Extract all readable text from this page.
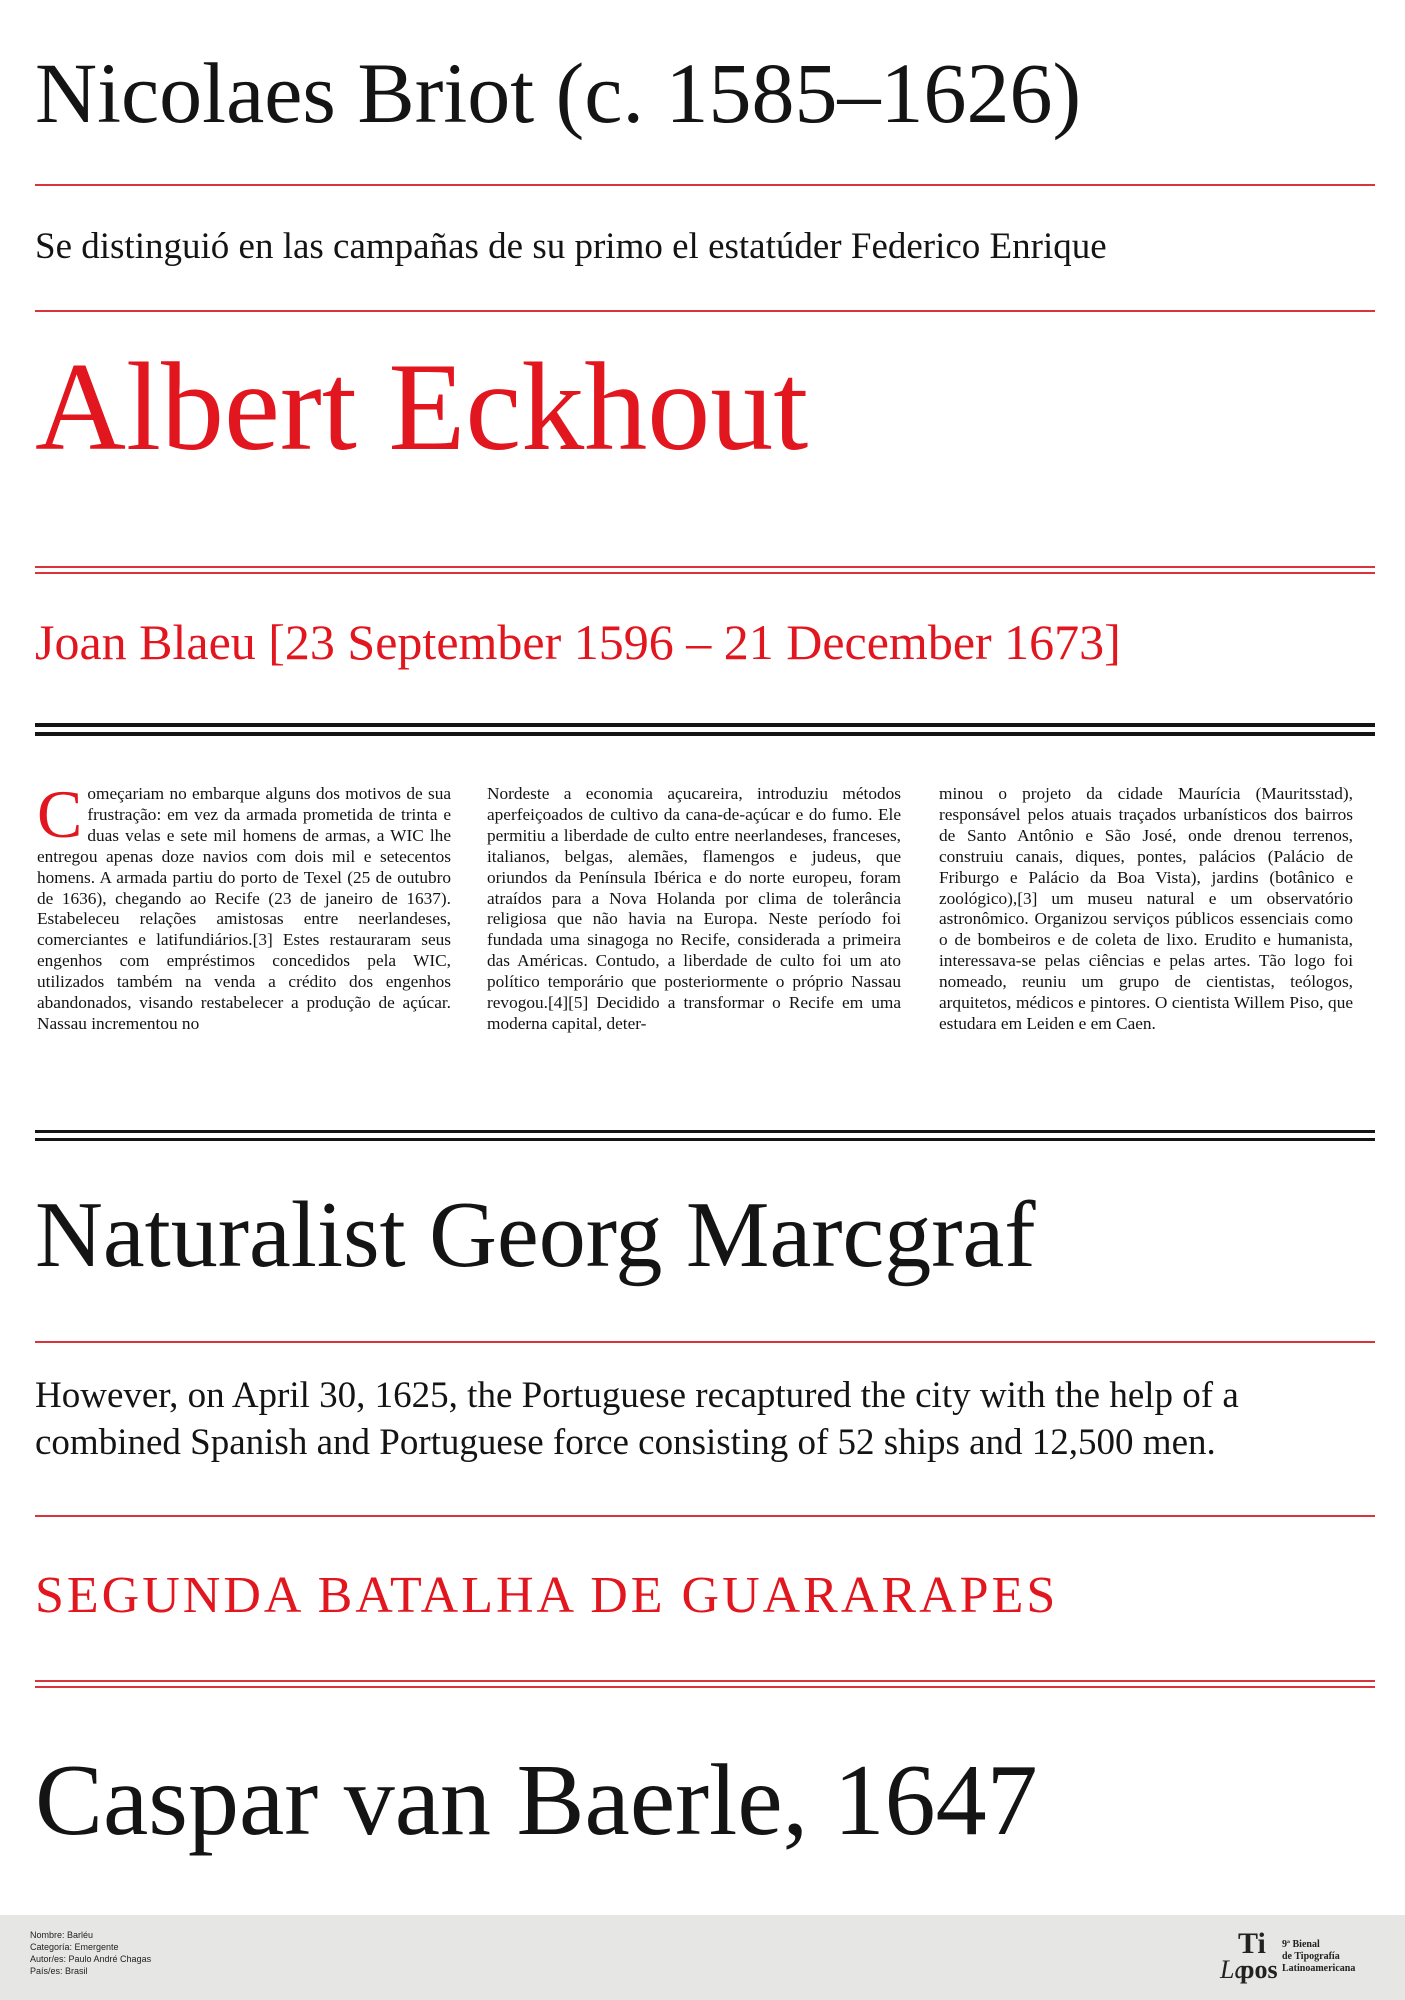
Nicolaes Briot (c. 1585–1626)
Se distinguió en las campañas de su primo el estatúder Federico Enrique
Albert Eckhout
Joan Blaeu [23 September 1596 – 21 December 1673]
Começariam no embarque alguns dos motivos de sua frustração: em vez da armada prometida de trinta e duas velas e sete mil homens de armas, a WIC lhe entregou apenas doze navios com dois mil e setecentos homens. A armada partiu do porto de Texel (25 de outubro de 1636), chegando ao Recife (23 de janeiro de 1637). Estabeleceu relações amistosas entre neerlandeses, comerciantes e latifundiários.[3] Estes restauraram seus engenhos com empréstimos concedidos pela WIC, utilizados também na venda a crédito dos engenhos abandonados, visando restabelecer a produção de açúcar. Nassau incrementou no
Nordeste a economia açucareira, introduziu métodos aperfeiçoados de cultivo da cana-de-açúcar e do fumo. Ele permitiu a liberdade de culto entre neerlandeses, franceses, italianos, belgas, alemães, flamengos e judeus, que oriundos da Península Ibérica e do norte europeu, foram atraídos para a Nova Holanda por clima de tolerância religiosa que não havia na Europa. Neste período foi fundada uma sinagoga no Recife, considerada a primeira das Américas. Contudo, a liberdade de culto foi um ato político temporário que posteriormente o próprio Nassau revogou.[4][5] Decidido a transformar o Recife em uma moderna capital, deter-
minou o projeto da cidade Maurícia (Mauritsstad), responsável pelos atuais traçados urbanísticos dos bairros de Santo Antônio e São José, onde drenou terrenos, construiu canais, diques, pontes, palácios (Palácio de Friburgo e Palácio da Boa Vista), jardins (botânico e zoológico),[3] um museu natural e um observatório astronômico. Organizou serviços públicos essenciais como o de bombeiros e de coleta de lixo. Erudito e humanista, interessava-se pelas ciências e pelas artes. Tão logo foi nomeado, reuniu um grupo de cientistas, teólogos, arquitetos, médicos e pintores. O cientista Willem Piso, que estudara em Leiden e em Caen.
Naturalist Georg Marcgraf
However, on April 30, 1625, the Portuguese recaptured the city with the help of a combined Spanish and Portuguese force consisting of 52 ships and 12,500 men.
SEGUNDA BATALHA DE GUARARAPES
Caspar van Baerle, 1647
Nombre: Barléu
Categoría: Emergente
Autor/es: Paulo André Chagas
País/es: Brasil	La
Ti
pos
9ª Bienal
de Tipografía
Latinoamericana
